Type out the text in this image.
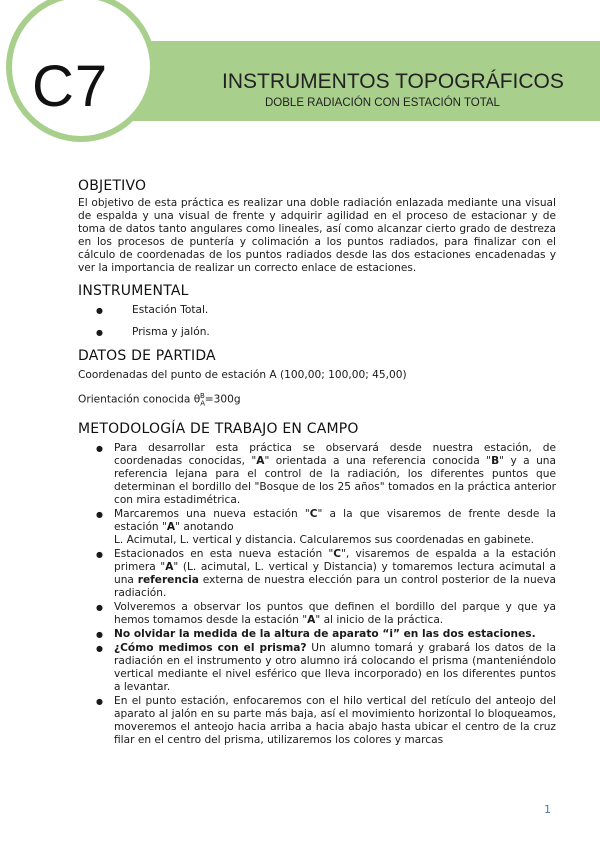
C7	INSTRUMENTOS TOPOGRÁFICOS
DOBLE RADIACIÓN CON ESTACIÓN TOTAL
OBJETIVO

El objetivo de esta práctica es realizar una doble radiación enlazada mediante una visual de espalda y una visual de frente y adquirir agilidad en el proceso de estacionar y de toma de datos tanto angulares como lineales, así como alcanzar cierto grado de destreza en los procesos de puntería y colimación a los puntos radiados, para finalizar con el cálculo de coordenadas de los puntos radiados desde las dos estaciones encadenadas y ver la importancia de realizar un correcto enlace de estaciones.

INSTRUMENTAL
● Estación Total.
● Prisma y jalón.
DATOS DE PARTIDA

Coordenadas del punto de estación A (100,00; 100,00; 45,00)

Orientación conocida $\theta_A^B=300g$

METODOLOGÍA DE TRABAJO EN CAMPO
● Para desarrollar esta práctica se observará desde nuestra estación, de coordenadas conocidas, "A" orientada a una referencia conocida "B" y a una referencia lejana para el control de la radiación, los diferentes puntos que determinan el bordillo del "Bosque de los 25 años" tomados en la práctica anterior con mira estadimétrica.
● Marcaremos una nueva estación "C" a la que visaremos de frente desde la estación "A" anotando
L. Acimutal, L. vertical y distancia. Calcularemos sus coordenadas en gabinete.
● Estacionados en esta nueva estación "C", visaremos de espalda a la estación primera "A" (L. acimutal, L. vertical y Distancia) y tomaremos lectura acimutal a una referencia externa de nuestra elección para un control posterior de la nueva radiación.
● Volveremos a observar los puntos que definen el bordillo del parque y que ya hemos tomamos desde la estación "A" al inicio de la práctica.
● No olvidar la medida de la altura de aparato “i” en las dos estaciones.
● ¿Cómo medimos con el prisma? Un alumno tomará y grabará los datos de la radiación en el instrumento y otro alumno irá colocando el prisma (manteniéndolo vertical mediante el nivel esférico que lleva incorporado) en los diferentes puntos a levantar.
● En el punto estación, enfocaremos con el hilo vertical del retículo del anteojo del aparato al jalón en su parte más baja, así el movimiento horizontal lo bloqueamos, moveremos el anteojo hacia arriba a hacia abajo hasta ubicar el centro de la cruz filar en el centro del prisma, utilizaremos los colores y marcas
1
